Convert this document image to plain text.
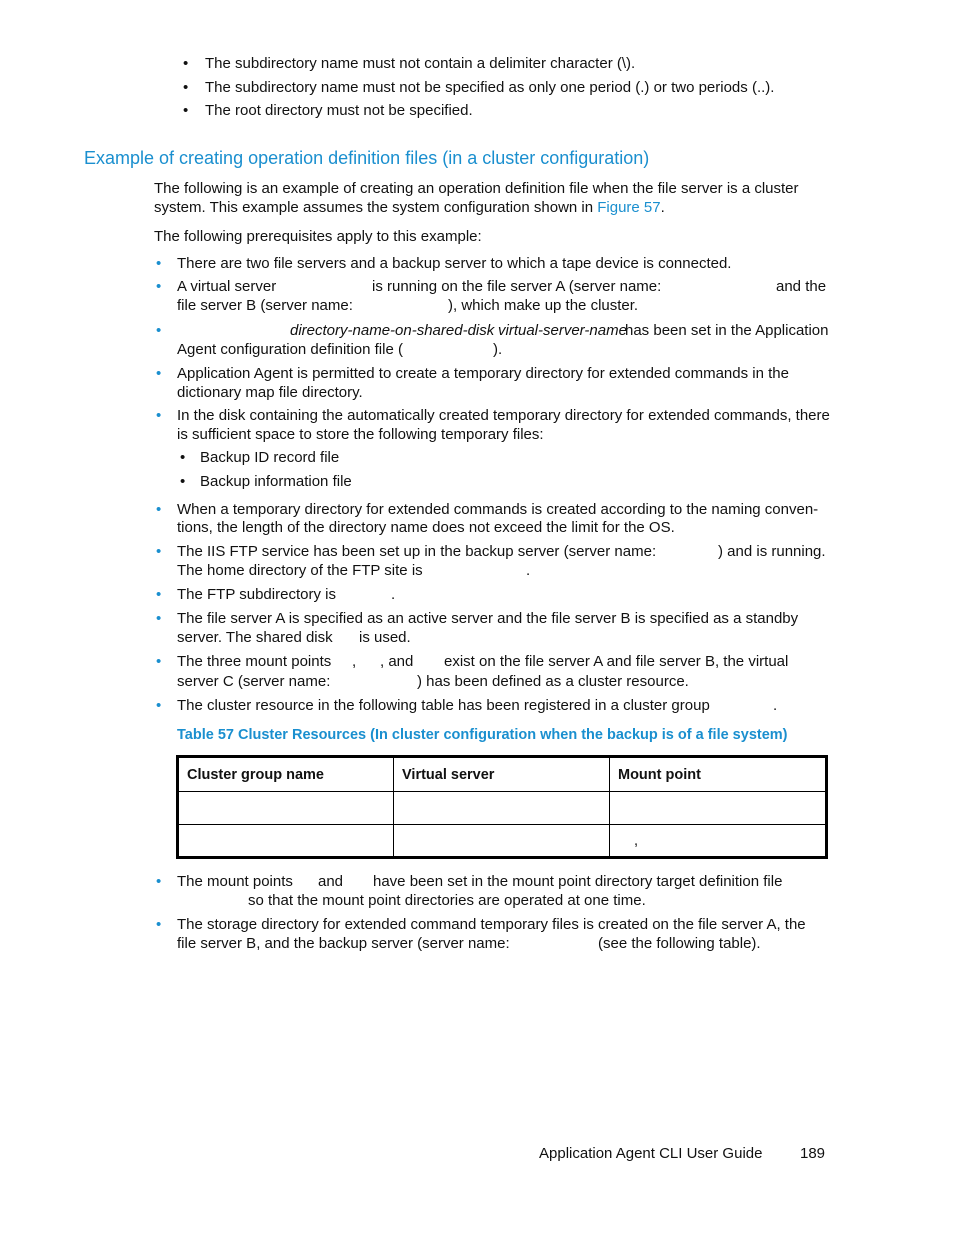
• The subdirectory name must not contain a delimiter character (\).
• The subdirectory name must not be specified as only one period (.) or two periods (..).
• The root directory must not be specified.
Example of creating operation definition files (in a cluster configuration)
The following is an example of creating an operation definition file when the file server is a cluster
system. This example assumes the system configuration shown in Figure 57.
The following prerequisites apply to this example:
• There are two file servers and a backup server to which a tape device is connected.
• A virtual server	is running on the file server A (server name:	and the
file server B (server name:	), which make up the cluster.
•	directory-name-on-shared-disk virtual-server-name
has been set in the Application
Agent configuration definition file (	).
• Application Agent is permitted to create a temporary directory for extended commands in the
dictionary map file directory.
• In the disk containing the automatically created temporary directory for extended commands, there
is sufficient space to store the following temporary files:
• Backup ID record file
• Backup information file
• When a temporary directory for extended commands is created according to the naming conven-
tions, the length of the directory name does not exceed the limit for the OS.
• The IIS FTP service has been set up in the backup server (server name:	) and is running.
The home directory of the FTP site is	.
• The FTP subdirectory is	.
• The file server A is specified as an active server and the file server B is specified as a standby
server. The shared disk is used.
• The three mount points , , and exist on the file server A and file server B, the virtual
server C (server name:	) has been defined as a cluster resource.
• The cluster resource in the following table has been registered in a cluster group	.
Table 57 Cluster Resources (In cluster configuration when the backup is of a file system)
Cluster group name	Virtual server	Mount point

		,
• The mount points and have been set in the mount point directory target definition file
so that the mount point directories are operated at one time.
• The storage directory for extended command temporary files is created on the file server A, the
file server B, and the backup server (server name:	(see the following table).
Application Agent CLI User Guide	189
